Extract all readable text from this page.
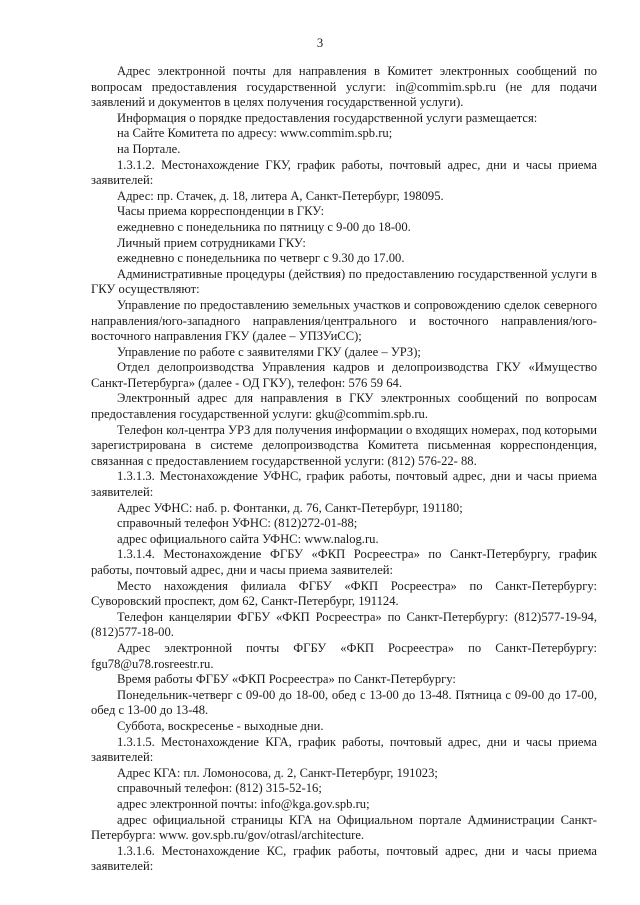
3

Адрес электронной почты для направления в Комитет электронных сообщений по вопросам предоставления государственной услуги: in@commim.spb.ru (не для подачи заявлений и документов в целях получения государственной услуги).

Информация о порядке предоставления государственной услуги размещается:

на Сайте Комитета по адресу: www.commim.spb.ru;

на Портале.

1.3.1.2. Местонахождение ГКУ, график работы, почтовый адрес, дни и часы приема заявителей:

Адрес: пр. Стачек, д. 18, литера А, Санкт-Петербург, 198095.

Часы приема корреспонденции в ГКУ:

ежедневно с понедельника по пятницу с 9-00 до 18-00.

Личный прием сотрудниками ГКУ:

ежедневно с понедельника по четверг с 9.30 до 17.00.

Административные процедуры (действия) по предоставлению государственной услуги в ГКУ осуществляют:

Управление по предоставлению земельных участков и сопровождению сделок северного направления/юго-западного направления/центрального и восточного направления/юго-восточного направления ГКУ (далее – УПЗУиСС);

Управление по работе с заявителями ГКУ (далее – УРЗ);

Отдел делопроизводства Управления кадров и делопроизводства ГКУ «Имущество Санкт-Петербурга» (далее - ОД ГКУ), телефон: 576 59 64.

Электронный адрес для направления в ГКУ электронных сообщений по вопросам предоставления государственной услуги: gku@commim.spb.ru.

Телефон кол-центра УРЗ для получения информации о входящих номерах, под которыми зарегистрирована в системе делопроизводства Комитета письменная корреспонденция, связанная с предоставлением государственной услуги: (812) 576-22- 88.

1.3.1.3. Местонахождение УФНС, график работы, почтовый адрес, дни и часы приема заявителей:

Адрес УФНС: наб. р. Фонтанки, д. 76, Санкт-Петербург, 191180;

справочный телефон УФНС: (812)272-01-88;

адрес официального сайта УФНС: www.nalog.ru.

1.3.1.4. Местонахождение ФГБУ «ФКП Росреестра» по Санкт-Петербургу, график работы, почтовый адрес, дни и часы приема заявителей:

Место нахождения филиала ФГБУ «ФКП Росреестра» по Санкт-Петербургу: Суворовский проспект, дом 62, Санкт-Петербург, 191124.

Телефон канцелярии ФГБУ «ФКП Росреестра» по Санкт-Петербургу: (812)577-19-94, (812)577-18-00.

Адрес электронной почты ФГБУ «ФКП Росреестра» по Санкт-Петербургу: fgu78@u78.rosreestr.ru.

Время работы ФГБУ «ФКП Росреестра» по Санкт-Петербургу:

Понедельник-четверг с 09-00 до 18-00, обед с 13-00 до 13-48. Пятница с 09-00 до 17-00, обед с 13-00 до 13-48.

Суббота, воскресенье - выходные дни.

1.3.1.5. Местонахождение КГА, график работы, почтовый адрес, дни и часы приема заявителей:

Адрес КГА: пл. Ломоносова, д. 2, Санкт-Петербург, 191023;

справочный телефон: (812) 315-52-16;

адрес электронной почты: info@kga.gov.spb.ru;

адрес официальной страницы КГА на Официальном портале Администрации Санкт-Петербурга: www. gov.spb.ru/gov/otrasl/architecture.

1.3.1.6. Местонахождение КС, график работы, почтовый адрес, дни и часы приема заявителей:
